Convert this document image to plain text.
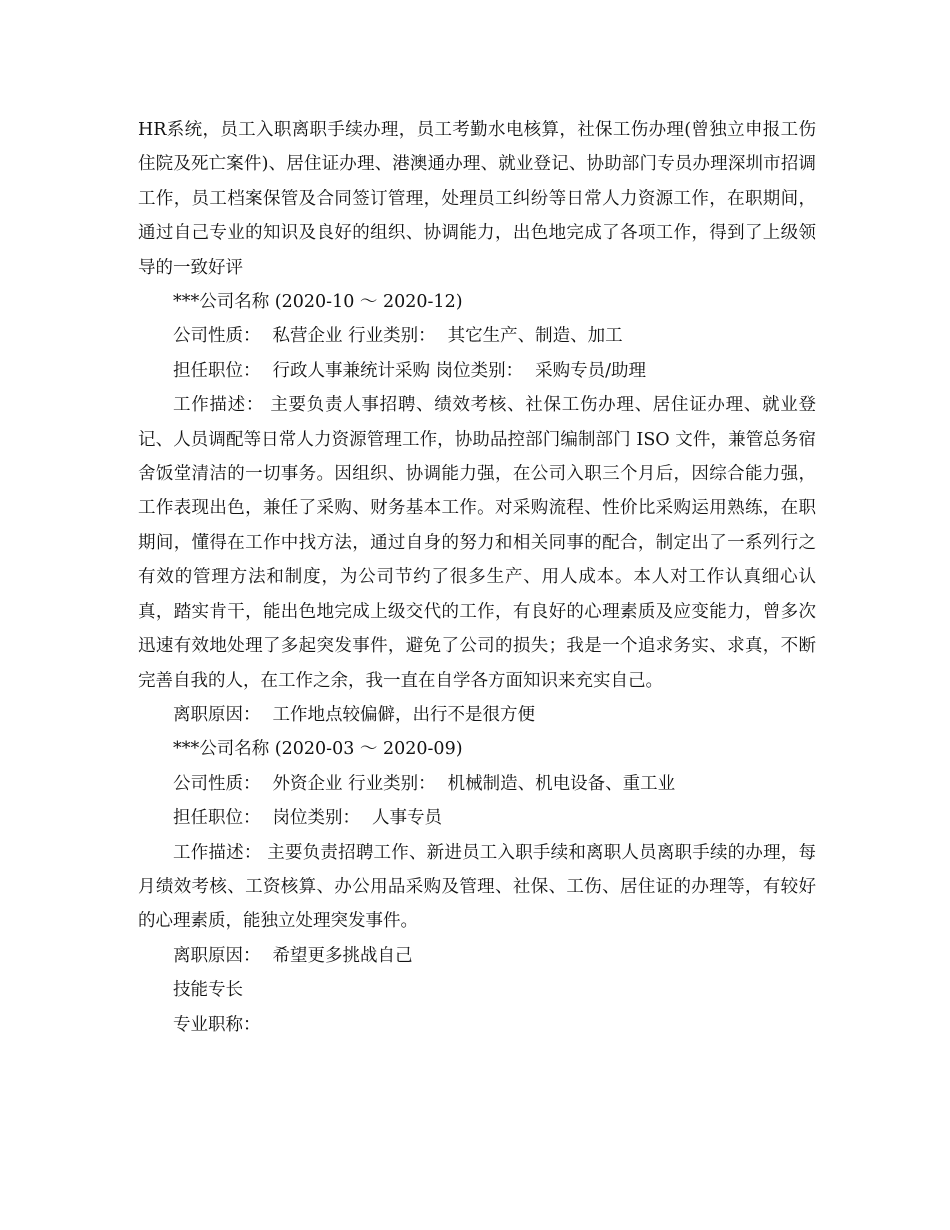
HR系统，员工入职离职手续办理，员工考勤水电核算，社保工伤办理(曾独立申报工伤住院及死亡案件)、居住证办理、港澳通办理、就业登记、协助部门专员办理深圳市招调工作，员工档案保管及合同签订管理，处理员工纠纷等日常人力资源工作，在职期间，通过自己专业的知识及良好的组织、协调能力，出色地完成了各项工作，得到了上级领导的一致好评

***公司名称 (2020-10 ～ 2020-12)

公司性质： 私营企业 行业类别： 其它生产、制造、加工

担任职位： 行政人事兼统计采购 岗位类别： 采购专员/助理

工作描述： 主要负责人事招聘、绩效考核、社保工伤办理、居住证办理、就业登记、人员调配等日常人力资源管理工作，协助品控部门编制部门 ISO 文件，兼管总务宿舍饭堂清洁的一切事务。因组织、协调能力强，在公司入职三个月后，因综合能力强，工作表现出色，兼任了采购、财务基本工作。对采购流程、性价比采购运用熟练，在职期间，懂得在工作中找方法，通过自身的努力和相关同事的配合，制定出了一系列行之有效的管理方法和制度，为公司节约了很多生产、用人成本。本人对工作认真细心认真，踏实肯干，能出色地完成上级交代的工作，有良好的心理素质及应变能力，曾多次迅速有效地处理了多起突发事件，避免了公司的损失；我是一个追求务实、求真，不断完善自我的人，在工作之余，我一直在自学各方面知识来充实自己。

离职原因： 工作地点较偏僻，出行不是很方便

***公司名称 (2020-03 ～ 2020-09)

公司性质： 外资企业 行业类别： 机械制造、机电设备、重工业

担任职位： 岗位类别： 人事专员

工作描述： 主要负责招聘工作、新进员工入职手续和离职人员离职手续的办理，每月绩效考核、工资核算、办公用品采购及管理、社保、工伤、居住证的办理等，有较好的心理素质，能独立处理突发事件。

离职原因： 希望更多挑战自己

技能专长

专业职称：
